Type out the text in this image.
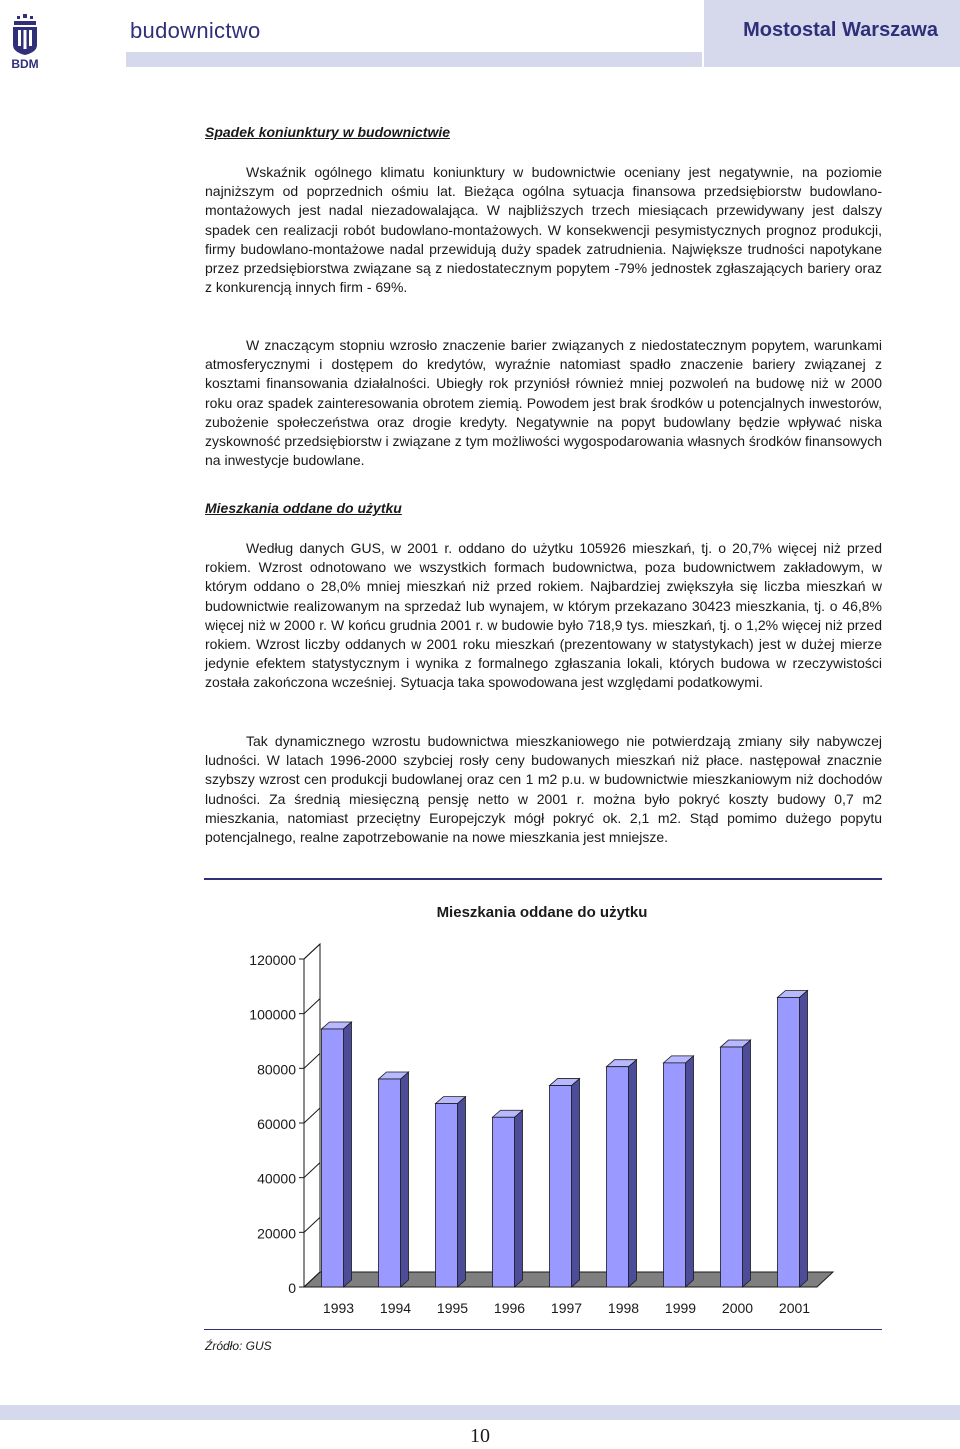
BDM
budownictwo	Mostostal Warszawa
Spadek koniunktury w budownictwie
Wskaźnik ogólnego klimatu koniunktury w budownictwie oceniany jest negatywnie, na poziomie najniższym od poprzednich ośmiu lat. Bieżąca ogólna sytuacja finansowa przedsiębiorstw budowlano-montażowych jest nadal niezadowalająca. W najbliższych trzech miesiącach przewidywany jest dalszy spadek cen realizacji robót budowlano-montażowych. W konsekwencji pesymistycznych prognoz produkcji, firmy budowlano-montażowe nadal przewidują duży spadek zatrudnienia. Największe trudności napotykane przez przedsiębiorstwa związane są z niedostatecznym popytem -79% jednostek zgłaszających bariery oraz z konkurencją innych firm - 69%.
W znaczącym stopniu wzrosło znaczenie barier związanych z niedostatecznym popytem, warunkami atmosferycznymi i dostępem do kredytów, wyraźnie natomiast spadło znaczenie bariery związanej z kosztami finansowania działalności. Ubiegły rok przyniósł również mniej pozwoleń na budowę niż w 2000 roku oraz spadek zainteresowania obrotem ziemią. Powodem jest brak środków u potencjalnych inwestorów, zubożenie społeczeństwa oraz drogie kredyty. Negatywnie na popyt budowlany będzie wpływać niska zyskowność przedsiębiorstw i związane z tym możliwości wygospodarowania własnych środków finansowych na inwestycje budowlane.
Mieszkania oddane do użytku
Według danych GUS, w 2001 r. oddano do użytku 105926 mieszkań, tj. o 20,7% więcej niż przed rokiem. Wzrost odnotowano we wszystkich formach budownictwa, poza budownictwem zakładowym, w którym oddano o 28,0% mniej mieszkań niż przed rokiem. Najbardziej zwiększyła się liczba mieszkań w budownictwie realizowanym na sprzedaż lub wynajem, w którym przekazano 30423 mieszkania, tj. o 46,8% więcej niż w 2000 r. W końcu grudnia 2001 r. w budowie było 718,9 tys. mieszkań, tj. o 1,2% więcej niż przed rokiem. Wzrost liczby oddanych w 2001 roku mieszkań (prezentowany w statystykach) jest w dużej mierze jedynie efektem statystycznym i wynika z formalnego zgłaszania lokali, których budowa w rzeczywistości została zakończona wcześniej. Sytuacja taka spowodowana jest względami podatkowymi.
Tak dynamicznego wzrostu budownictwa mieszkaniowego nie potwierdzają zmiany siły nabywczej ludności. W latach 1996-2000 szybciej rosły ceny budowanych mieszkań niż płace. następował znacznie szybszy wzrost cen produkcji budowlanej oraz cen 1 m2 p.u. w budownictwie mieszkaniowym niż dochodów ludności. Za średnią miesięczną pensję netto w 2001 r. można było pokryć koszty budowy 0,7 m2 mieszkania, natomiast przeciętny Europejczyk mógł pokryć ok. 2,1 m2. Stąd pomimo dużego popytu potencjalnego, realne zapotrzebowanie na nowe mieszkania jest mniejsze.
Mieszkania oddane do użytku
0
20000
40000
60000
80000
100000
120000
1993 1994 1995 1996 1997 1998 1999 2000 2001
Źródło: GUS
10
